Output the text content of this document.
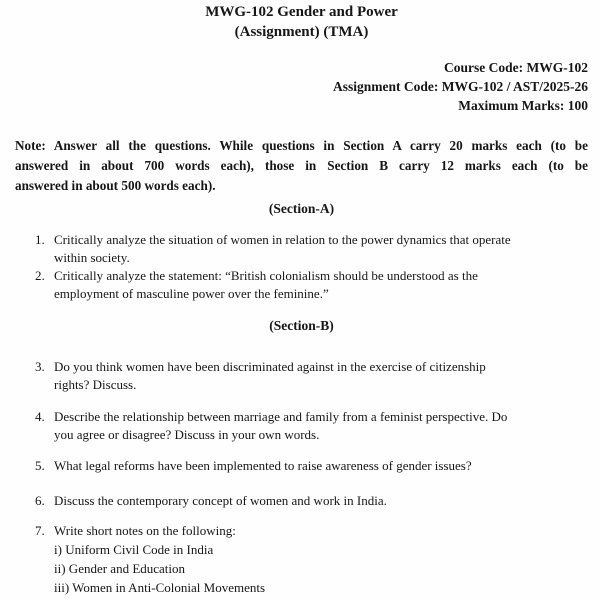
MWG-102 Gender and Power
(Assignment) (TMA)
Course Code: MWG-102
Assignment Code: MWG-102 / AST/2025-26
Maximum Marks: 100
Note: Answer all the questions. While questions in Section A carry 20 marks each (to be
answered in about 700 words each), those in Section B carry 12 marks each (to be
answered in about 500 words each).
(Section-A)
1. Critically analyze the situation of women in relation to the power dynamics that operate
within society.
2. Critically analyze the statement: “British colonialism should be understood as the
employment of masculine power over the feminine.”
(Section-B)
3. Do you think women have been discriminated against in the exercise of citizenship
rights? Discuss.
4. Describe the relationship between marriage and family from a feminist perspective. Do
you agree or disagree? Discuss in your own words.
5. What legal reforms have been implemented to raise awareness of gender issues?
6. Discuss the contemporary concept of women and work in India.
7. Write short notes on the following:
i) Uniform Civil Code in India
ii) Gender and Education
iii) Women in Anti-Colonial Movements
